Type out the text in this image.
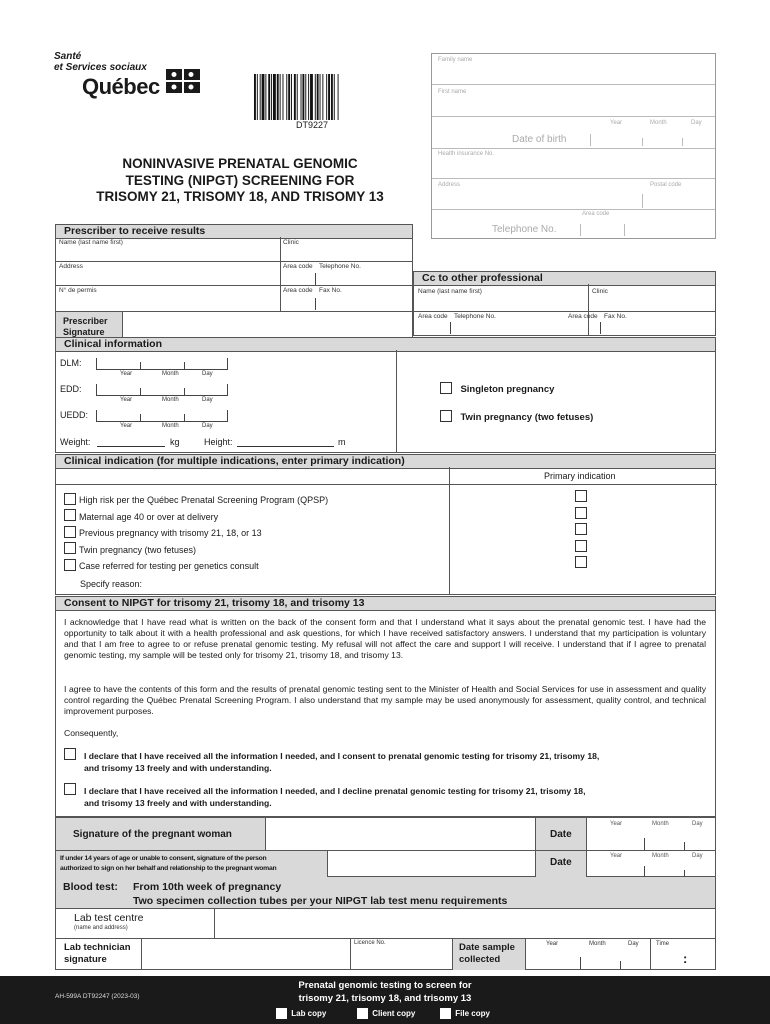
Santé
et Services sociaux
Québec
DT9227
NONINVASIVE PRENATAL GENOMIC
TESTING (NIPGT) SCREENING FOR
TRISOMY 21, TRISOMY 18, AND TRISOMY 13
Family name
First name
Year	Month	Day
Date of birth
Health insurance No.
Address	Postal code
Area code
Telephone No.
Prescriber to receive results
Name (last name first)	Clinic
Address	Area code Telephone No.
N° de permis	Area code Fax No.
Prescriber
Signature
Cc to other professional
Name (last name first)	Clinic
Area code Telephone No.	Area code Fax No.
Clinical information
DLM:
EDD:
UEDD:
Year	Month	Day
Year	Month	Day
Year	Month	Day
Weight:	kg	Height:	m
Singleton pregnancy
Twin pregnancy (two fetuses)
Clinical indication (for multiple indications, enter primary indication)
Primary indication
High risk per the Québec Prenatal Screening Program (QPSP)
Maternal age 40 or over at delivery
Previous pregnancy with trisomy 21, 18, or 13
Twin pregnancy (two fetuses)
Case referred for testing per genetics consult
Specify reason:
Consent to NIPGT for trisomy 21, trisomy 18, and trisomy 13

I acknowledge that I have read what is written on the back of the consent form and that I understand what it says about the prenatal genomic test. I have had the opportunity to talk about it with a health professional and ask questions, for which I have received satisfactory answers. I understand that my participation is voluntary and that I am free to agree to or refuse prenatal genomic testing. My refusal will not affect the care and support I will receive. I understand that if I agree to prenatal genomic testing, my sample will be tested only for trisomy 21, trisomy 18, and trisomy 13.

I agree to have the contents of this form and the results of prenatal genomic testing sent to the Minister of Health and Social Services for use in assessment and quality control regarding the Québec Prenatal Screening Program. I also understand that my sample may be used anonymously for assessment, quality control, and technical improvement purposes.

Consequently,

I declare that I have received all the information I needed, and I consent to prenatal genomic testing for trisomy 21, trisomy 18,
and trisomy 13 freely and with understanding.
I declare that I have received all the information I needed, and I decline prenatal genomic testing for trisomy 21, trisomy 18,
and trisomy 13 freely and with understanding.
Signature of the pregnant woman	Date
Date
Year	Month	Day
Year	Month	Day
If under 14 years of age or unable to consent, signature of the person
authorized to sign on her behalf and relationship to the pregnant woman
Blood test: From 10th week of pregnancy
Two specimen collection tubes per your NIPGT lab test menu requirements
Lab test centre
(name and address)
Lab technician
signature
Licence No.	Date sample
collected
Year	Month	Day	Time
:
AH-599A DT92247 (2023-03)
Prenatal genomic testing to screen for
trisomy 21, trisomy 18, and trisomy 13
Lab copy	Client copy	File copy
